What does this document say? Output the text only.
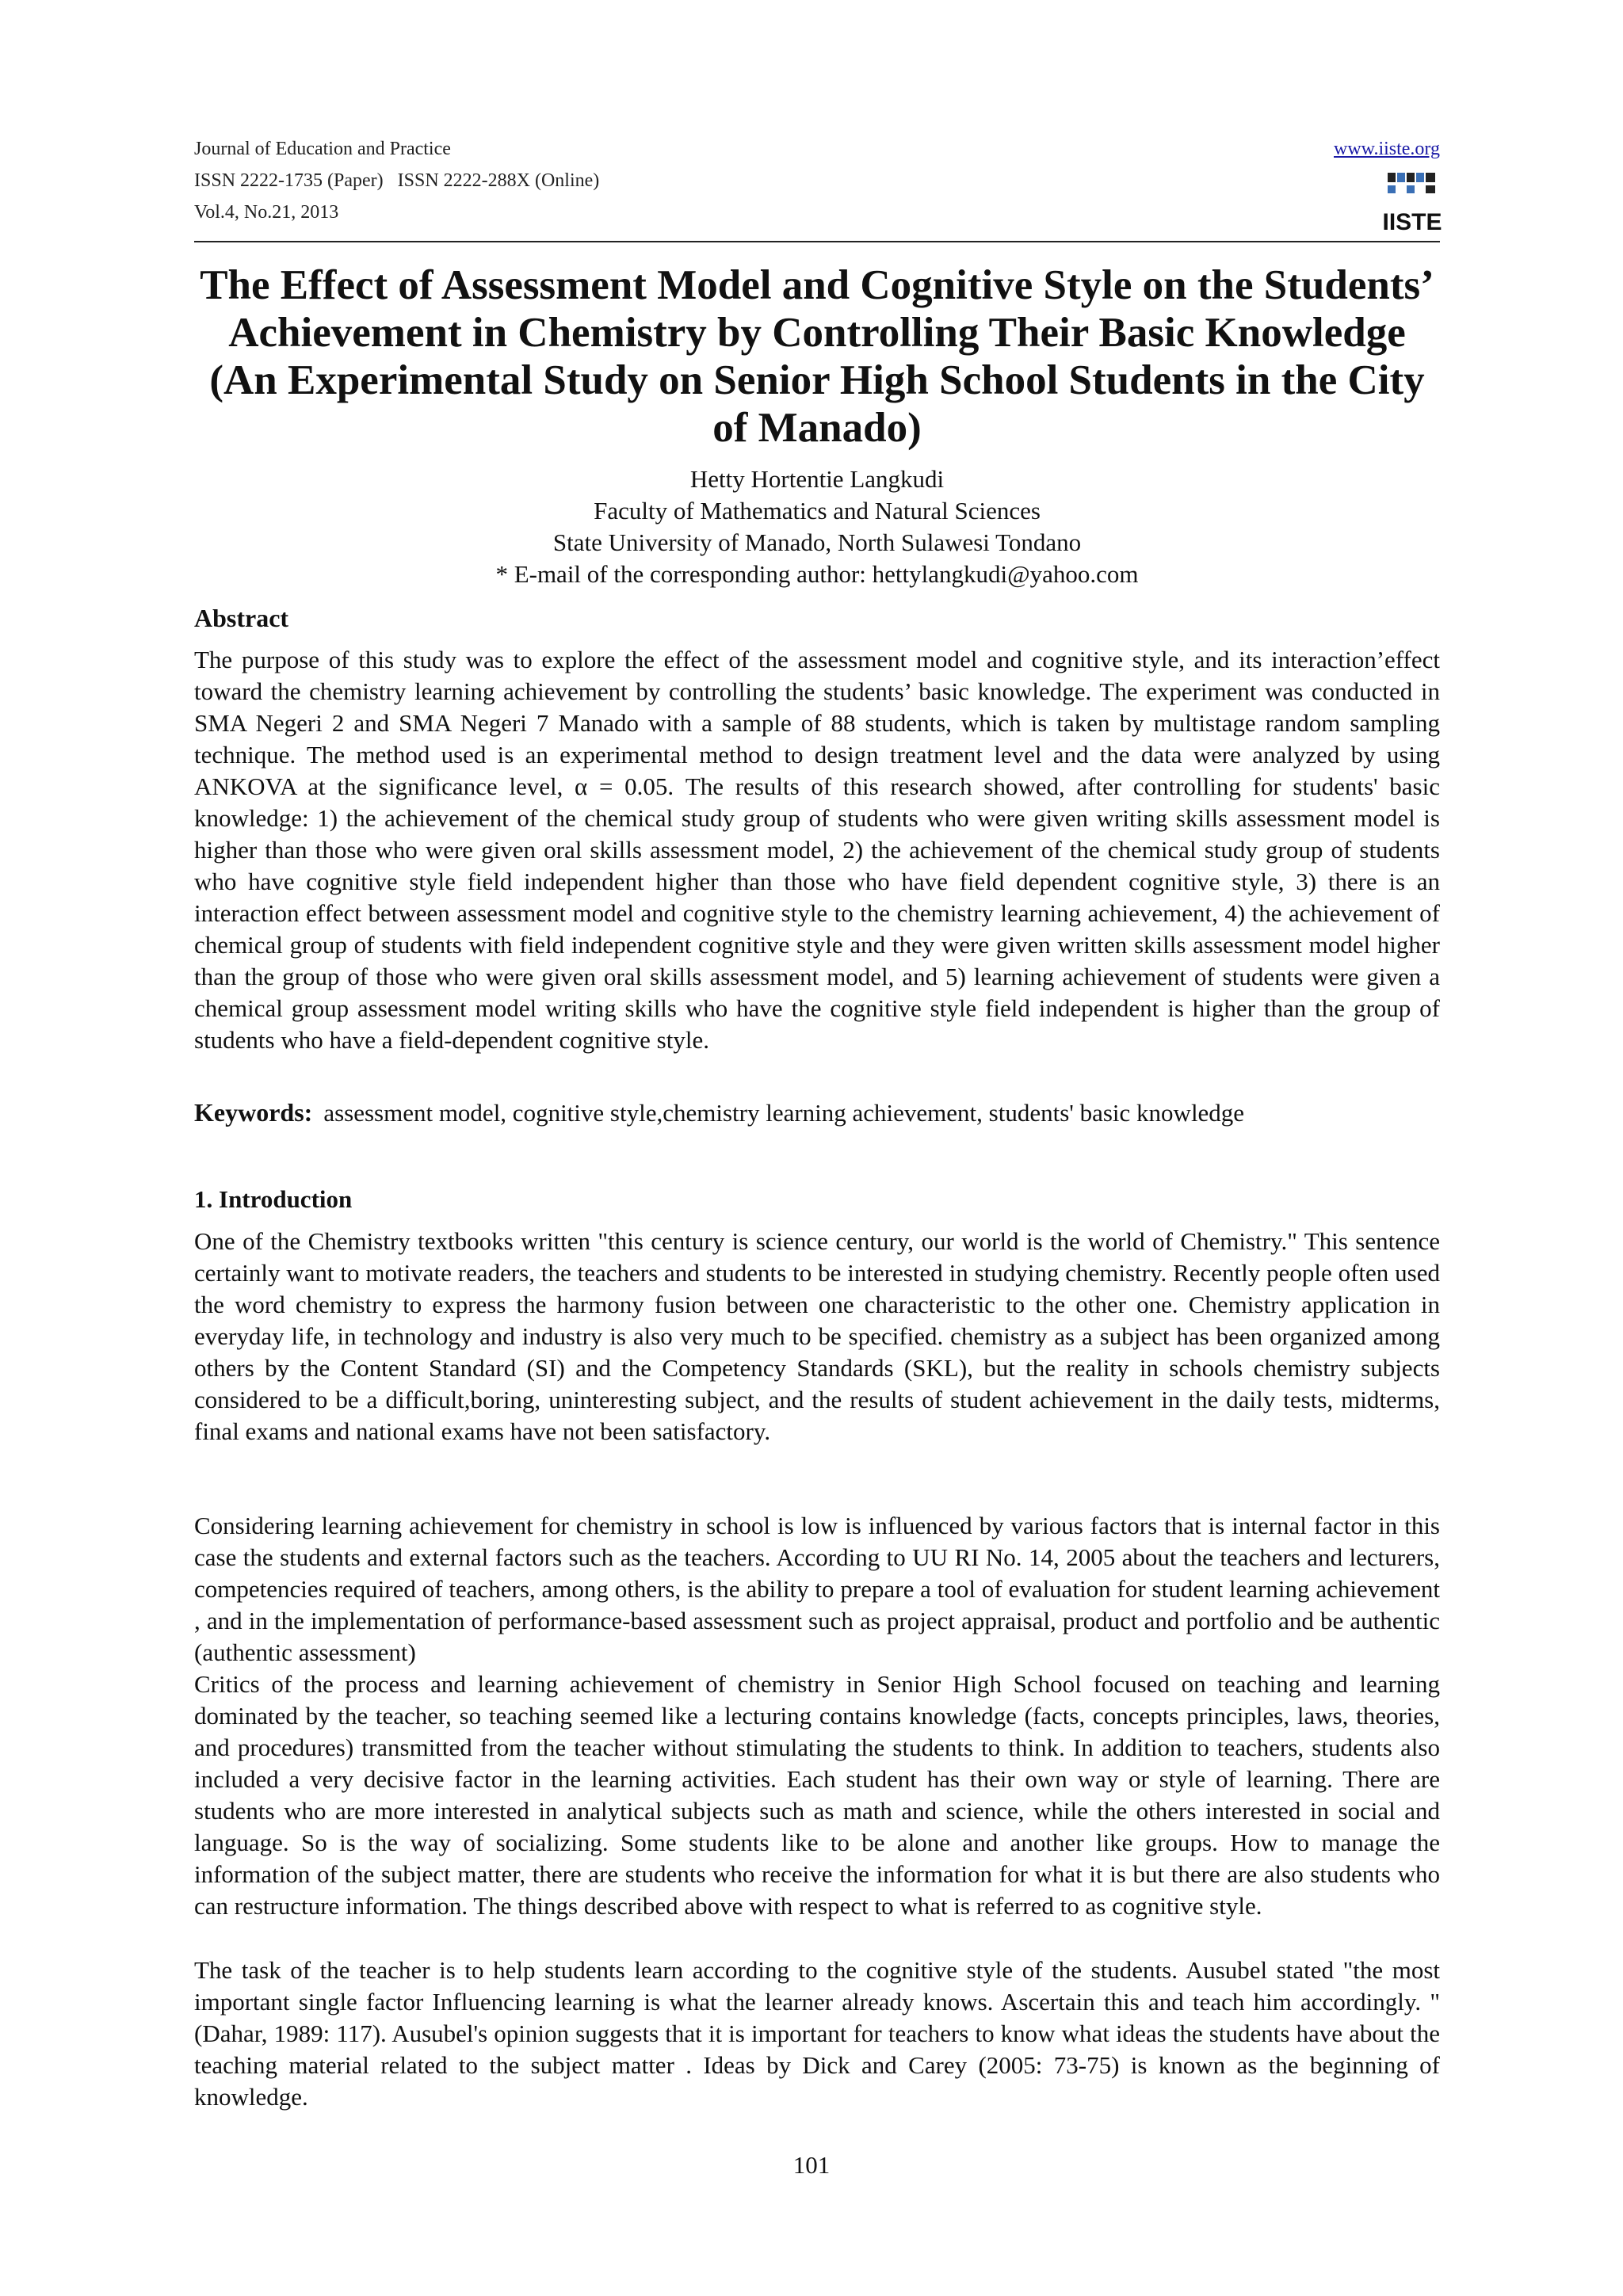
Journal of Education and Practice
ISSN 2222-1735 (Paper) ISSN 2222-288X (Online)
Vol.4, No.21, 2013
www.iiste.org
IISTE
The Effect of Assessment Model and Cognitive Style on the Students’ Achievement in Chemistry by Controlling Their Basic Knowledge (An Experimental Study on Senior High School Students in the City of Manado)
Hetty Hortentie Langkudi
Faculty of Mathematics and Natural Sciences
State University of Manado, North Sulawesi Tondano
* E-mail of the corresponding author: hettylangkudi@yahoo.com
Abstract

The purpose of this study was to explore the effect of the assessment model and cognitive style, and its interaction’effect toward the chemistry learning achievement by controlling the students’ basic knowledge. The experiment was conducted in SMA Negeri 2 and SMA Negeri 7 Manado with a sample of 88 students, which is taken by multistage random sampling technique. The method used is an experimental method to design treatment level and the data were analyzed by using ANKOVA at the significance level, α = 0.05. The results of this research showed, after controlling for students' basic knowledge: 1) the achievement of the chemical study group of students who were given writing skills assessment model is higher than those who were given oral skills assessment model, 2) the achievement of the chemical study group of students who have cognitive style field independent higher than those who have field dependent cognitive style, 3) there is an interaction effect between assessment model and cognitive style to the chemistry learning achievement, 4) the achievement of chemical group of students with field independent cognitive style and they were given written skills assessment model higher than the group of those who were given oral skills assessment model, and 5) learning achievement of students were given a chemical group assessment model writing skills who have the cognitive style field independent is higher than the group of students who have a field-dependent cognitive style.

Keywords: assessment model, cognitive style,chemistry learning achievement, students' basic knowledge

1. Introduction

One of the Chemistry textbooks written "this century is science century, our world is the world of Chemistry." This sentence certainly want to motivate readers, the teachers and students to be interested in studying chemistry. Recently people often used the word chemistry to express the harmony fusion between one characteristic to the other one. Chemistry application in everyday life, in technology and industry is also very much to be specified. chemistry as a subject has been organized among others by the Content Standard (SI) and the Competency Standards (SKL), but the reality in schools chemistry subjects considered to be a difficult,boring, uninteresting subject, and the results of student achievement in the daily tests, midterms, final exams and national exams have not been satisfactory.

Considering learning achievement for chemistry in school is low is influenced by various factors that is internal factor in this case the students and external factors such as the teachers. According to UU RI No. 14, 2005 about the teachers and lecturers, competencies required of teachers, among others, is the ability to prepare a tool of evaluation for student learning achievement , and in the implementation of performance-based assessment such as project appraisal, product and portfolio and be authentic (authentic assessment)

Critics of the process and learning achievement of chemistry in Senior High School focused on teaching and learning dominated by the teacher, so teaching seemed like a lecturing contains knowledge (facts, concepts principles, laws, theories, and procedures) transmitted from the teacher without stimulating the students to think. In addition to teachers, students also included a very decisive factor in the learning activities. Each student has their own way or style of learning. There are students who are more interested in analytical subjects such as math and science, while the others interested in social and language. So is the way of socializing. Some students like to be alone and another like groups. How to manage the information of the subject matter, there are students who receive the information for what it is but there are also students who can restructure information. The things described above with respect to what is referred to as cognitive style.

The task of the teacher is to help students learn according to the cognitive style of the students. Ausubel stated "the most important single factor Influencing learning is what the learner already knows. Ascertain this and teach him accordingly. "(Dahar, 1989: 117). Ausubel's opinion suggests that it is important for teachers to know what ideas the students have about the teaching material related to the subject matter . Ideas by Dick and Carey (2005: 73-75) is known as the beginning of knowledge.

101
